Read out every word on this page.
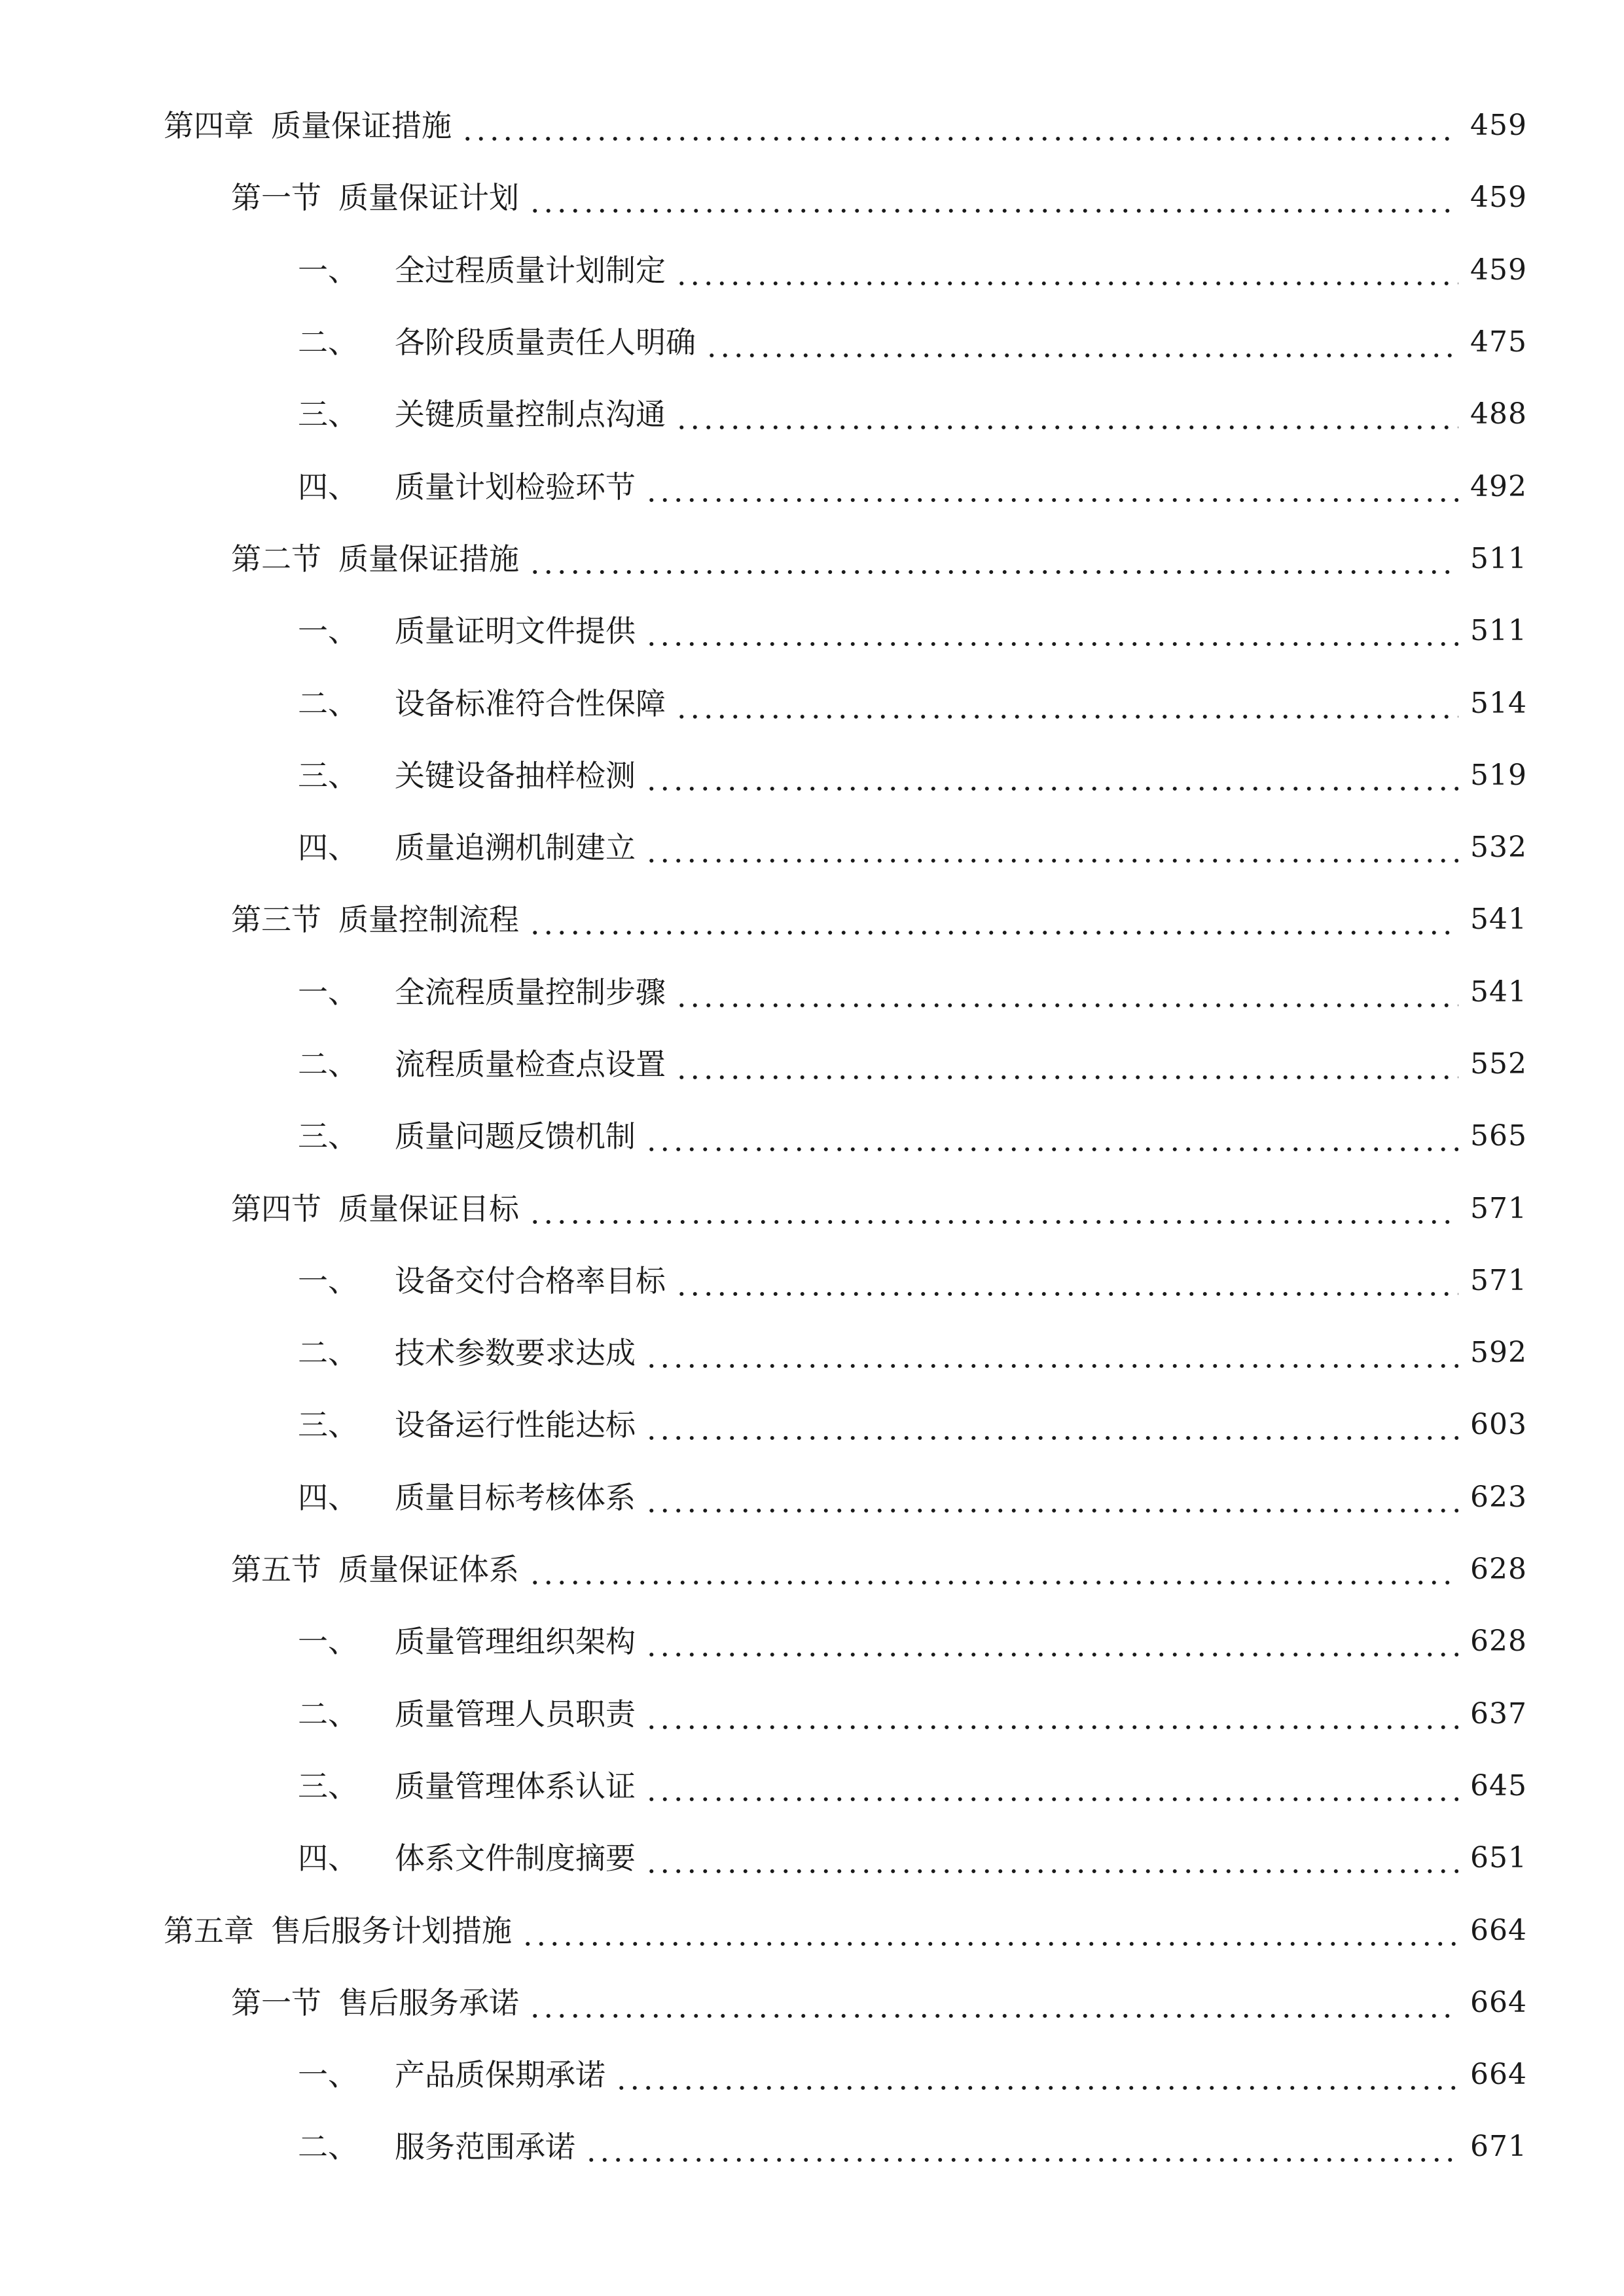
第四章 质量保证措施	459
第一节 质量保证计划	459
一、 全过程质量计划制定	459
二、 各阶段质量责任人明确	475
三、 关键质量控制点沟通	488
四、 质量计划检验环节	492
第二节 质量保证措施	511
一、 质量证明文件提供	511
二、 设备标准符合性保障	514
三、 关键设备抽样检测	519
四、 质量追溯机制建立	532
第三节 质量控制流程	541
一、 全流程质量控制步骤	541
二、 流程质量检查点设置	552
三、 质量问题反馈机制	565
第四节 质量保证目标	571
一、 设备交付合格率目标	571
二、 技术参数要求达成	592
三、 设备运行性能达标	603
四、 质量目标考核体系	623
第五节 质量保证体系	628
一、 质量管理组织架构	628
二、 质量管理人员职责	637
三、 质量管理体系认证	645
四、 体系文件制度摘要	651
第五章 售后服务计划措施	664
第一节 售后服务承诺	664
一、 产品质保期承诺	664
二、 服务范围承诺	671
